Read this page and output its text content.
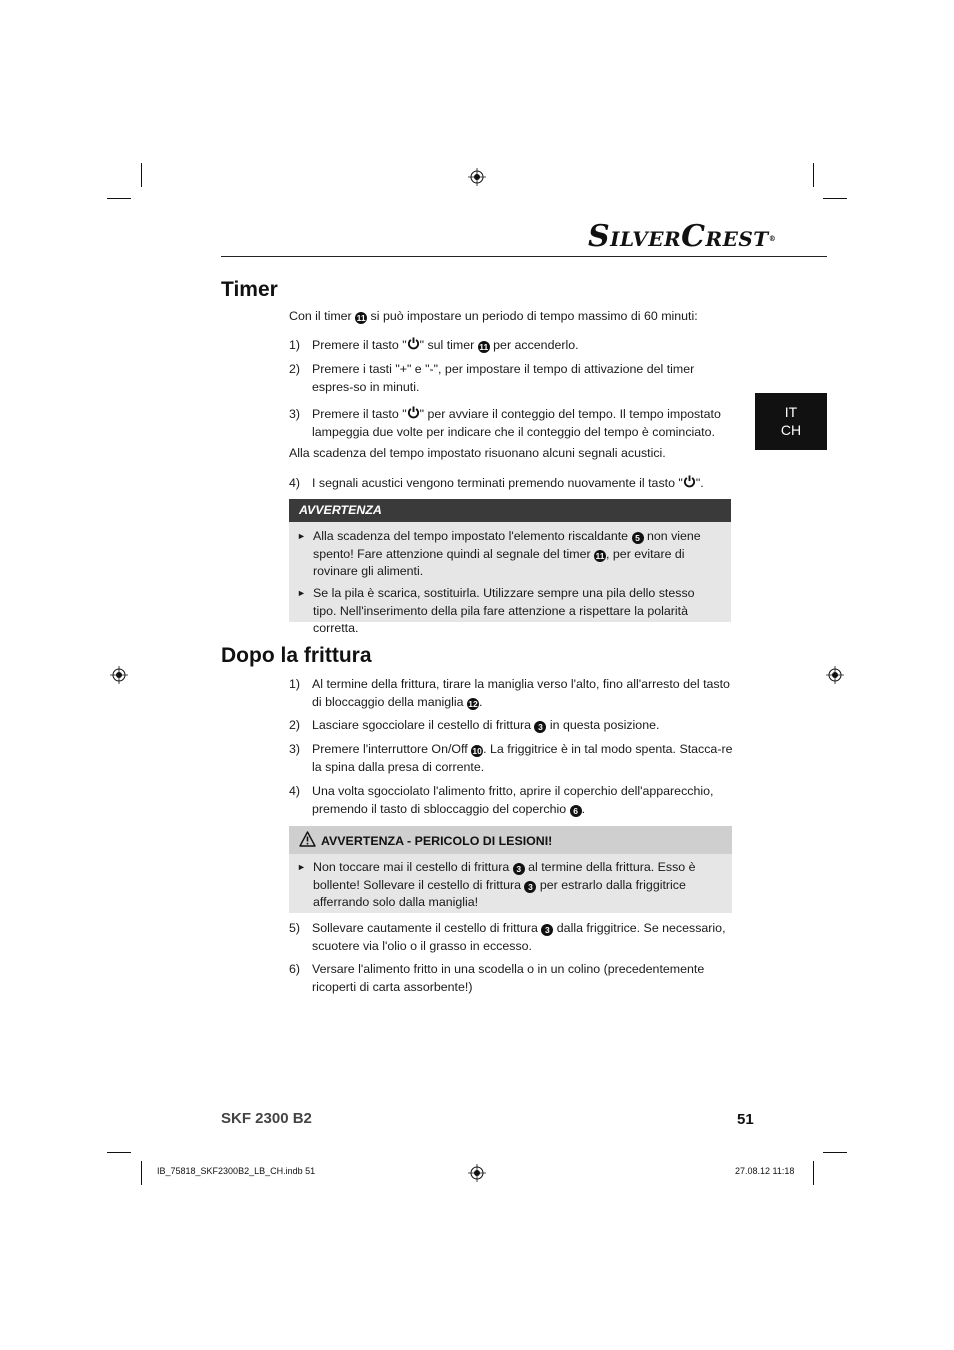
SILVERCREST®
IT
CH
Timer
Con il timer 11 si può impostare un periodo di tempo massimo di 60 minuti:
1) Premere il tasto " " sul timer 11 per accenderlo.
2) Premere i tasti "+" e "-", per impostare il tempo di attivazione del timer espres-so in minuti.
3) Premere il tasto " " per avviare il conteggio del tempo. Il tempo impostato lampeggia due volte per indicare che il conteggio del tempo è cominciato.
Alla scadenza del tempo impostato risuonano alcuni segnali acustici.
4) I segnali acustici vengono terminati premendo nuovamente il tasto " ".
AVVERTENZA
► Alla scadenza del tempo impostato l'elemento riscaldante 5 non viene spento! Fare attenzione quindi al segnale del timer 11 , per evitare di rovinare gli alimenti.
► Se la pila è scarica, sostituirla. Utilizzare sempre una pila dello stesso tipo. Nell'inserimento della pila fare attenzione a rispettare la polarità corretta.
Dopo la frittura
1) Al termine della frittura, tirare la maniglia verso l'alto, fino all'arresto del tasto di bloccaggio della maniglia 12.
2) Lasciare sgocciolare il cestello di frittura 3 in questa posizione.
3) Premere l'interruttore On/Off 10. La friggitrice è in tal modo spenta. Stacca-re la spina dalla presa di corrente.
4) Una volta sgocciolato l'alimento fritto, aprire il coperchio dell'apparecchio, premendo il tasto di sbloccaggio del coperchio 6 .
AVVERTENZA - PERICOLO DI LESIONI!
► Non toccare mai il cestello di frittura 3 al termine della frittura. Esso è bollente! Sollevare il cestello di frittura 3 per estrarlo dalla friggitrice afferrando solo dalla maniglia!
5) Sollevare cautamente il cestello di frittura 3 dalla friggitrice. Se necessario, scuotere via l'olio o il grasso in eccesso.
6) Versare l'alimento fritto in una scodella o in un colino (precedentemente ricoperti di carta assorbente!)
SKF 2300 B2	51
IB_75818_SKF2300B2_LB_CH.indb 51	27.08.12 11:18
